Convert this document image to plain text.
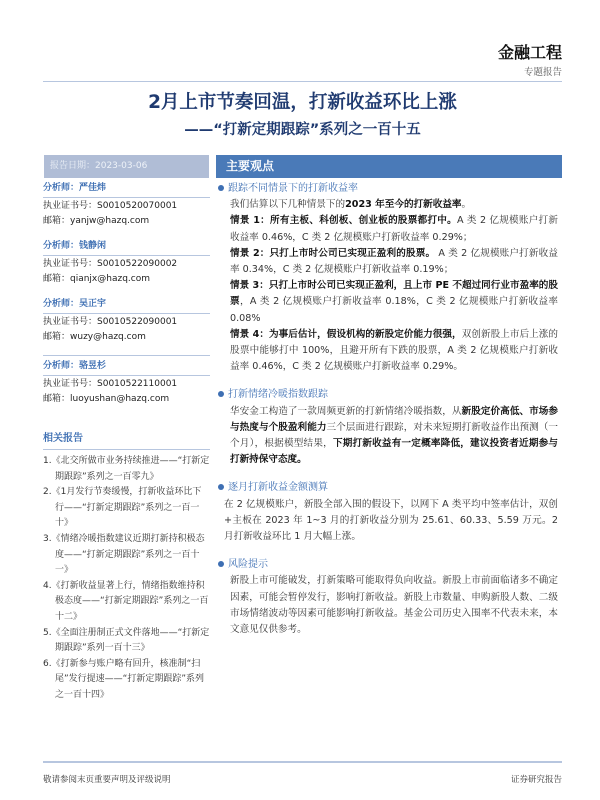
金融工程
专题报告
2月上市节奏回温，打新收益环比上涨
——“打新定期跟踪”系列之一百十五
报告日期：2023-03-06	主要观点
分析师：严佳炜
执业证书号：S0010520070001
邮箱：yanjw@hazq.com
分析师：钱静闲
执业证书号：S0010522090002
邮箱：qianjx@hazq.com
分析师：吴正宇
执业证书号：S0010522090001
邮箱：wuzy@hazq.com
分析师：骆昱杉
执业证书号：S0010522110001
邮箱：luoyushan@hazq.com
相关报告
1.《北交所做市业务持续推进——“打新定期跟踪”系列之一百零九》
2.《1月发行节奏缓慢，打新收益环比下行——“打新定期跟踪”系列之一百一十》
3.《情绪冷暖指数建议近期打新持积极态度——“打新定期跟踪”系列之一百十一》
4.《打新收益显著上行，情绪指数维持积极态度——“打新定期跟踪”系列之一百十二》
5.《全面注册制正式文件落地——“打新定期跟踪”系列一百十三》
6.《打新参与账户略有回升，核准制“扫尾”发行提速——“打新定期跟踪”系列之一百十四》
跟踪不同情景下的打新收益率
我们估算以下几种情景下的2023 年至今的打新收益率。
情景 1：所有主板、科创板、创业板的股票都打中。A 类 2 亿规模账户打新收益率 0.46%，C 类 2 亿规模账户打新收益率 0.29%；
情景 2：只打上市时公司已实现正盈利的股票。 A 类 2 亿规模账户打新收益率 0.34%，C 类 2 亿规模账户打新收益率 0.19%；
情景 3：只打上市时公司已实现正盈利，且上市 PE 不超过同行业市盈率的股票，A 类 2 亿规模账户打新收益率 0.18%，C 类 2 亿规模账户打新收益率 0.08%
情景 4：为事后估计，假设机构的新股定价能力很强，双创新股上市后上涨的股票中能够打中 100%，且避开所有下跌的股票，A 类 2 亿规模账户打新收益率 0.46%，C 类 2 亿规模账户打新收益率 0.29%。
打新情绪冷暖指数跟踪
华安金工构造了一款周频更新的打新情绪冷暖指数，从新股定价高低、市场参与热度与个股盈利能力三个层面进行跟踪，对未来短期打新收益作出预测（一个月），根据模型结果，下期打新收益有一定概率降低，建议投资者近期参与打新持保守态度。
逐月打新收益金额测算
在 2 亿规模账户，新股全部入围的假设下，以网下 A 类平均中签率估计，双创+主板在 2023 年 1~3 月的打新收益分别为 25.61、60.33、5.59 万元。2 月打新收益环比 1 月大幅上涨。
风险提示
新股上市可能破发，打新策略可能取得负向收益。新股上市前面临诸多不确定因素，可能会暂停发行，影响打新收益。新股上市数量、申购新股人数、二级市场情绪波动等因素可能影响打新收益。基金公司历史入围率不代表未来，本文意见仅供参考。
敬请参阅末页重要声明及评级说明	证券研究报告
